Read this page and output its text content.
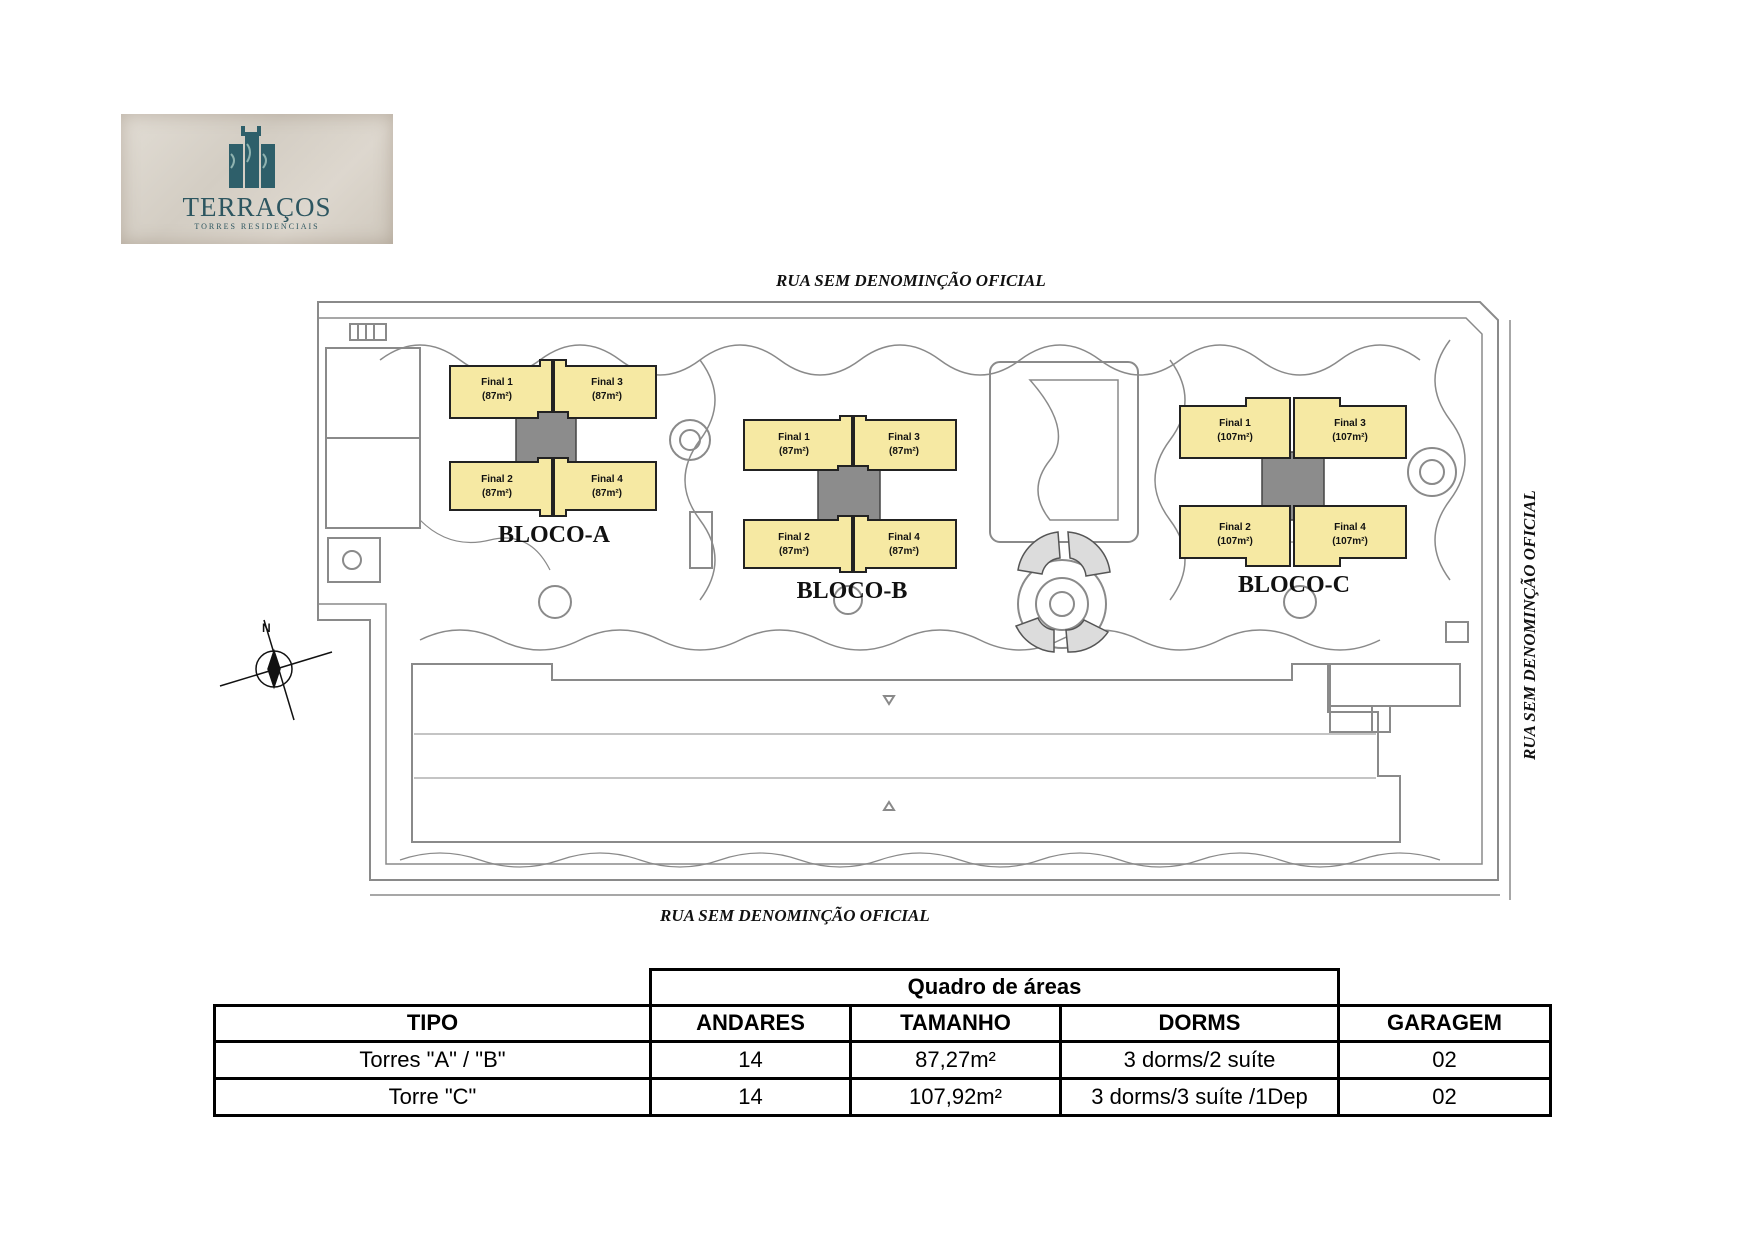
TERRAÇOS
TORRES RESIDENCIAIS
RUA SEM DENOMINÇÃO OFICIAL
RUA SEM DENOMINÇÃO OFICIAL
RUA SEM DENOMINÇÃO OFICIAL
N
Final 1
(87m²)
Final 3
(87m²)
Final 2
(87m²)
Final 4
(87m²)
BLOCO-A
Final 1
(87m²)
Final 3
(87m²)
Final 2
(87m²)
Final 4
(87m²)
BLOCO-B
Final 1
(107m²)
Final 3
(107m²)
Final 2
(107m²)
Final 4
(107m²)
BLOCO-C
	Quadro de áreas			
TIPO	ANDARES	TAMANHO	DORMS	GARAGEM
Torres "A" / "B"	14	87,27m²	3 dorms/2 suíte	02
Torre "C"	14	107,92m²	3 dorms/3 suíte /1Dep	02
